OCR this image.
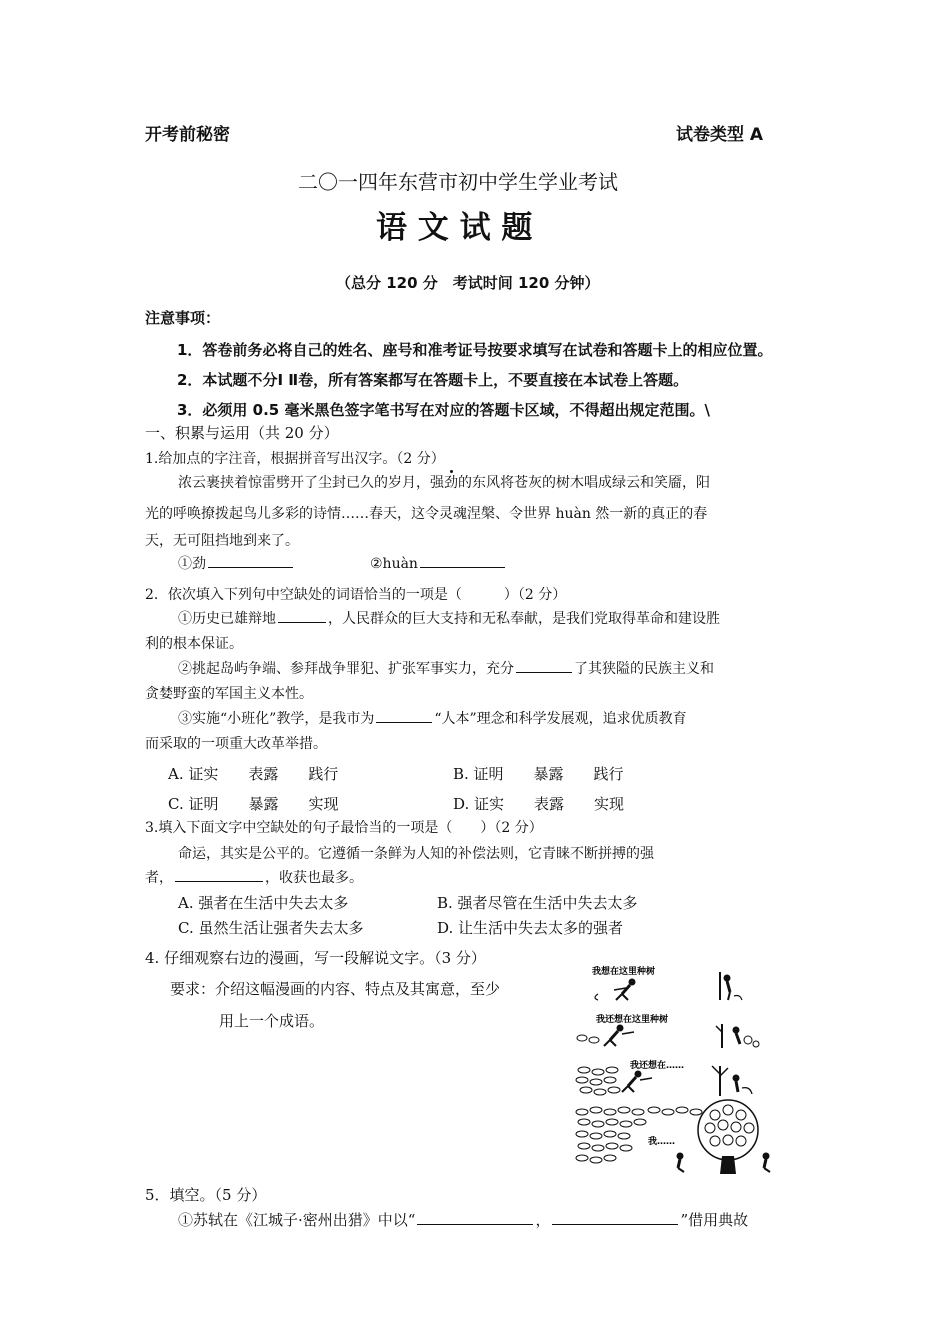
开考前秘密	试卷类型 A
二〇一四年东营市初中学生学业考试
语 文 试 题
（总分 120 分　考试时间 120 分钟）
注意事项：
1．答卷前务必将自己的姓名、座号和准考证号按要求填写在试卷和答题卡上的相应位置。
2．本试题不分Ⅰ Ⅱ卷，所有答案都写在答题卡上，不要直接在本试卷上答题。
3．必须用 0.5 毫米黑色签字笔书写在对应的答题卡区域，不得超出规定范围。\
一、积累与运用（共 20 分）
1.给加点的字注音，根据拼音写出汉字。（2 分）
浓云裹挟着惊雷劈开了尘封已久的岁月，强劲的东风将苍灰的树木唱成绿云和笑靥，阳
光的呼唤撩拨起鸟儿多彩的诗情……春天，这令灵魂涅槃、令世界 huàn 然一新的真正的春
天，无可阻挡地到来了。
①劲	②huàn
2．依次填入下列句中空缺处的词语恰当的一项是（　　　）（2 分）
①历史已雄辩地	，人民群众的巨大支持和无私奉献，是我们党取得革命和建设胜
利的根本保证。
②挑起岛屿争端、参拜战争罪犯、扩张军事实力，充分	了其狭隘的民族主义和
贪婪野蛮的军国主义本性。
③实施“小班化”教学，是我市为	“人本”理念和科学发展观，追求优质教育
而采取的一项重大改革举措。
A. 证实　　表露　　践行	B. 证明　　暴露　　践行
C. 证明　　暴露　　实现	D. 证实　　表露　　实现
3.填入下面文字中空缺处的句子最恰当的一项是（　　）（2 分）
命运，其实是公平的。它遵循一条鲜为人知的补偿法则，它青睐不断拼搏的强
者，	，收获也最多。
A. 强者在生活中失去太多	B. 强者尽管在生活中失去太多
C. 虽然生活让强者失去太多	D. 让生活中失去太多的强者
4. 仔细观察右边的漫画，写一段解说文字。（3 分）
要求：介绍这幅漫画的内容、特点及其寓意，至少
用上一个成语。
我想在这里种树
我还想在这里种树
我还想在……
我……
5．填空。（5 分）
①苏轼在《江城子·密州出猎》中以“	，	”借用典故
